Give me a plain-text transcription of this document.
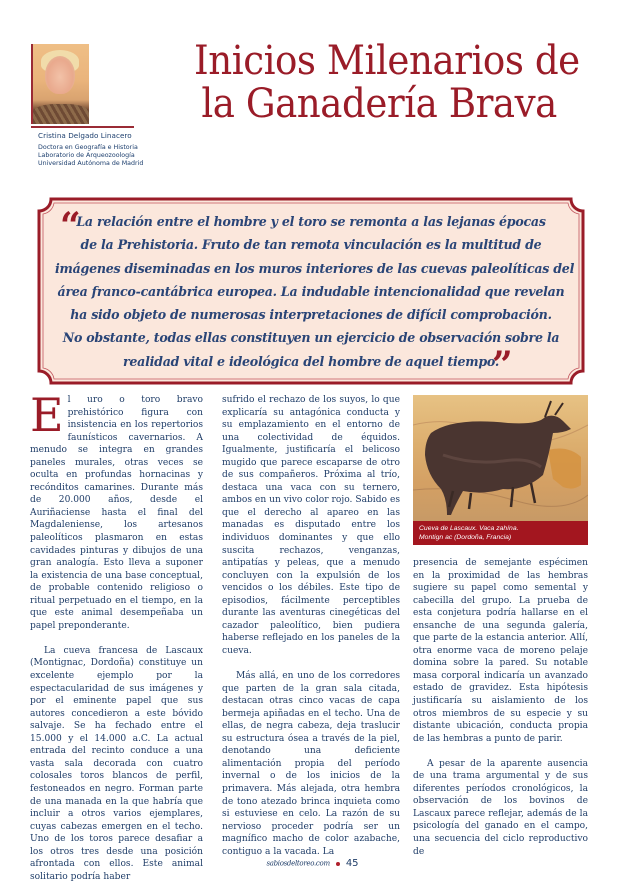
Cristina Delgado Linacero
Doctora en Geografía e Historia
Laboratorio de Arqueozoología
Universidad Autónoma de Madrid
Inicios Milenarios de
la Ganadería Brava
“
La relación entre el hombre y el toro se remonta a las lejanas épocas
de la Prehistoria. Fruto de tan remota vinculación es la multitud de
imágenes diseminadas en los muros interiores de las cuevas paleolíticas del
área franco-cantábrica europea. La indudable intencionalidad que revelan
ha sido objeto de numerosas interpretaciones de difícil comprobación.
No obstante, todas ellas constituyen un ejercicio de observación sobre la
realidad vital e ideológica del hombre de aquel tiempo.
”

El uro o toro bravo prehistórico figura con insistencia en los repertorios faunísticos cavernarios. A menudo se integra en grandes paneles murales, otras veces se oculta en profundas hornacinas y recónditos camarines. Durante más de 20.000 años, desde el Auriñaciense hasta el final del Magdaleniense, los artesanos paleolíticos plasmaron en estas cavidades pinturas y dibujos de una gran analogía. Esto lleva a suponer la existencia de una base conceptual, de probable contenido religioso o ritual perpetuado en el tiempo, en la que este animal desempeñaba un papel preponderante.

La cueva francesa de Lascaux (Montignac, Dordoña) constituye un excelente ejemplo por la espectacularidad de sus imágenes y por el eminente papel que sus autores concedieron a este bóvido salvaje. Se ha fechado entre el 15.000 y el 14.000 a.C. La actual entrada del recinto conduce a una vasta sala decorada con cuatro colosales toros blancos de perfil, festoneados en negro. Forman parte de una manada en la que habría que incluir a otros varios ejemplares, cuyas cabezas emergen en el techo. Uno de los toros parece desafiar a los otros tres desde una posición afrontada con ellos. Este animal solitario podría haber

sufrido el rechazo de los suyos, lo que explicaría su antagónica conducta y su emplazamiento en el entorno de una colectividad de équidos. Igualmente, justificaría el belicoso mugido que parece escaparse de otro de sus compañeros. Próxima al trío, destaca una vaca con su ternero, ambos en un vivo color rojo. Sabido es que el derecho al apareo en las manadas es disputado entre los individuos dominantes y que ello suscita rechazos, venganzas, antipatías y peleas, que a menudo concluyen con la expulsión de los vencidos o los débiles. Este tipo de episodios, fácilmente perceptibles durante las aventuras cinegéticas del cazador paleolítico, bien pudiera haberse reflejado en los paneles de la cueva.

Más allá, en uno de los corredores que parten de la gran sala citada, destacan otras cinco vacas de capa bermeja apiñadas en el techo. Una de ellas, de negra cabeza, deja traslucir su estructura ósea a través de la piel, denotando una deficiente alimentación propia del período invernal o de los inicios de la primavera. Más alejada, otra hembra de tono atezado brinca inquieta como si estuviese en celo. La razón de su nervioso proceder podría ser un magnífico macho de color azabache, contiguo a la vacada. La

Cueva de Lascaux. Vaca zahína.
Montign ac (Dordoña, Francia)

presencia de semejante espécimen en la proximidad de las hembras sugiere su papel como semental y cabecilla del grupo. La prueba de esta conjetura podría hallarse en el ensanche de una segunda galería, que parte de la estancia anterior. Allí, otra enorme vaca de moreno pelaje domina sobre la pared. Su notable masa corporal indicaría un avanzado estado de gravidez. Esta hipótesis justificaría su aislamiento de los otros miembros de su especie y su distante ubicación, conducta propia de las hembras a punto de parir.

A pesar de la aparente ausencia de una trama argumental y de sus diferentes períodos cronológicos, la observación de los bovinos de Lascaux parece reflejar, además de la psicología del ganado en el campo, una secuencia del ciclo reproductivo de

sabiosdeltoreo.com 45
